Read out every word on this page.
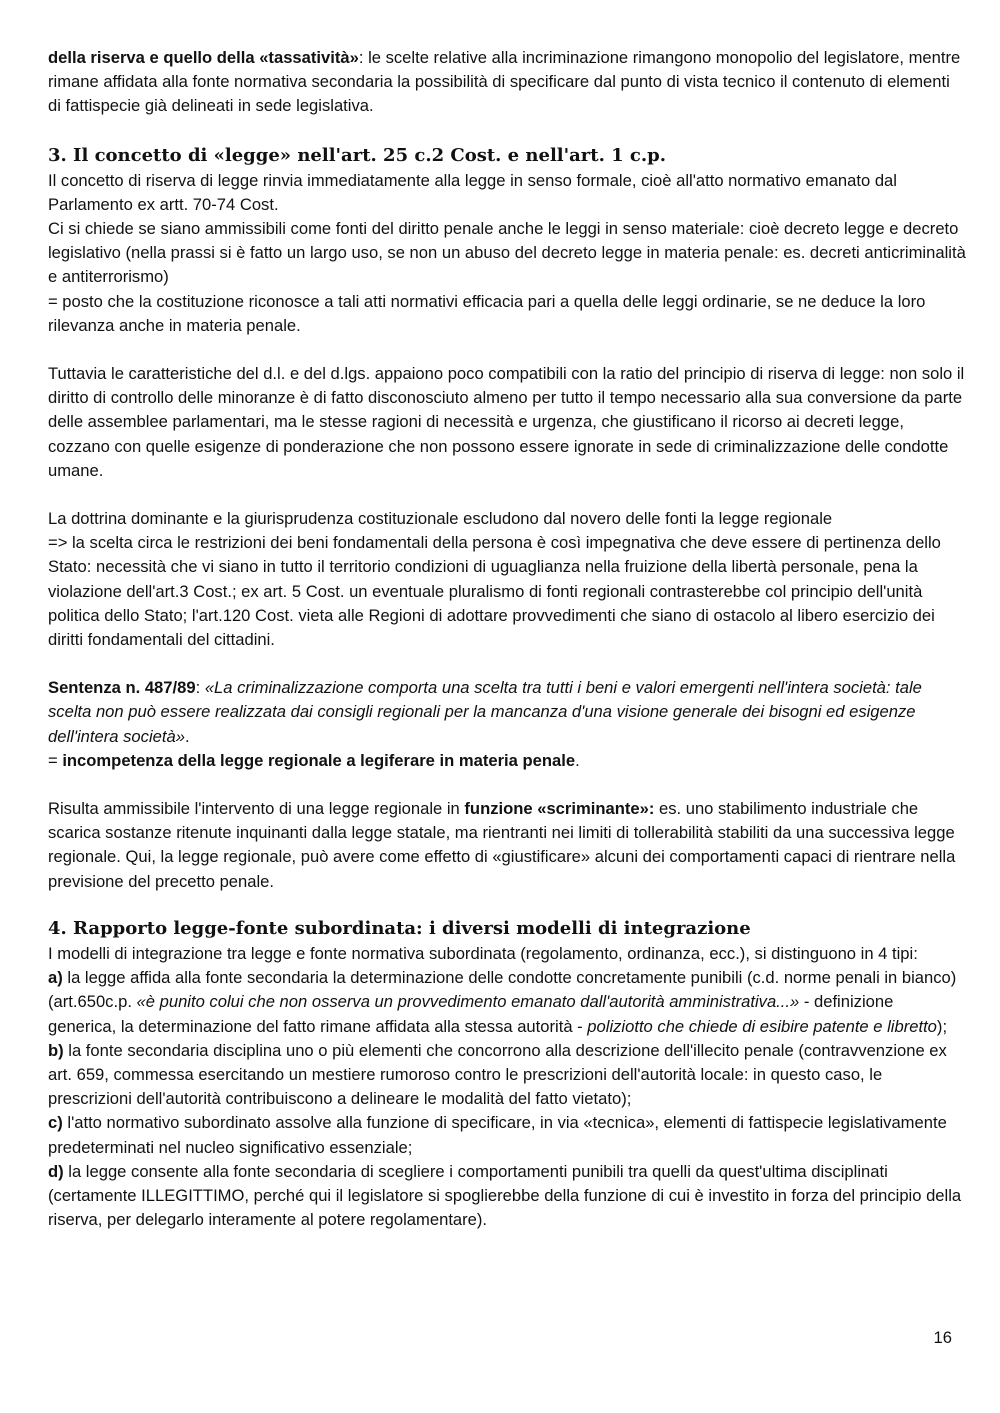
della riserva e quello della «tassatività»: le scelte relative alla incriminazione rimangono monopolio del legislatore, mentre rimane affidata alla fonte normativa secondaria la possibilità di specificare dal punto di vista tecnico il contenuto di elementi di fattispecie già delineati in sede legislativa.

3. Il concetto di «legge» nell'art. 25 c.2 Cost. e nell'art. 1 c.p.

Il concetto di riserva di legge rinvia immediatamente alla legge in senso formale, cioè all'atto normativo emanato dal Parlamento ex artt. 70-74 Cost.

Ci si chiede se siano ammissibili come fonti del diritto penale anche le leggi in senso materiale: cioè decreto legge e decreto legislativo (nella prassi si è fatto un largo uso, se non un abuso del decreto legge in materia penale: es. decreti anticriminalità e antiterrorismo)

= posto che la costituzione riconosce a tali atti normativi efficacia pari a quella delle leggi ordinarie, se ne deduce la loro rilevanza anche in materia penale.

Tuttavia le caratteristiche del d.l. e del d.lgs. appaiono poco compatibili con la ratio del principio di riserva di legge: non solo il diritto di controllo delle minoranze è di fatto disconosciuto almeno per tutto il tempo necessario alla sua conversione da parte delle assemblee parlamentari, ma le stesse ragioni di necessità e urgenza, che giustificano il ricorso ai decreti legge, cozzano con quelle esigenze di ponderazione che non possono essere ignorate in sede di criminalizzazione delle condotte umane.

La dottrina dominante e la giurisprudenza costituzionale escludono dal novero delle fonti la legge regionale

=> la scelta circa le restrizioni dei beni fondamentali della persona è così impegnativa che deve essere di pertinenza dello Stato: necessità che vi siano in tutto il territorio condizioni di uguaglianza nella fruizione della libertà personale, pena la violazione dell'art.3 Cost.; ex art. 5 Cost. un eventuale pluralismo di fonti regionali contrasterebbe col principio dell'unità politica dello Stato; l'art.120 Cost. vieta alle Regioni di adottare provvedimenti che siano di ostacolo al libero esercizio dei diritti fondamentali del cittadini.

Sentenza n. 487/89: «La criminalizzazione comporta una scelta tra tutti i beni e valori emergenti nell'intera società: tale scelta non può essere realizzata dai consigli regionali per la mancanza d'una visione generale dei bisogni ed esigenze dell'intera società».

= incompetenza della legge regionale a legiferare in materia penale.

Risulta ammissibile l'intervento di una legge regionale in funzione «scriminante»: es. uno stabilimento industriale che scarica sostanze ritenute inquinanti dalla legge statale, ma rientranti nei limiti di tollerabilità stabiliti da una successiva legge regionale. Qui, la legge regionale, può avere come effetto di «giustificare» alcuni dei comportamenti capaci di rientrare nella previsione del precetto penale.

4. Rapporto legge-fonte subordinata: i diversi modelli di integrazione

I modelli di integrazione tra legge e fonte normativa subordinata (regolamento, ordinanza, ecc.), si distinguono in 4 tipi:

a) la legge affida alla fonte secondaria la determinazione delle condotte concretamente punibili (c.d. norme penali in bianco) (art.650c.p. «è punito colui che non osserva un provvedimento emanato dall'autorità amministrativa...» - definizione generica, la determinazione del fatto rimane affidata alla stessa autorità - poliziotto che chiede di esibire patente e libretto);

b) la fonte secondaria disciplina uno o più elementi che concorrono alla descrizione dell'illecito penale (contravvenzione ex art. 659, commessa esercitando un mestiere rumoroso contro le prescrizioni dell'autorità locale: in questo caso, le prescrizioni dell'autorità contribuiscono a delineare le modalità del fatto vietato);

c) l'atto normativo subordinato assolve alla funzione di specificare, in via «tecnica», elementi di fattispecie legislativamente predeterminati nel nucleo significativo essenziale;

d) la legge consente alla fonte secondaria di scegliere i comportamenti punibili tra quelli da quest'ultima disciplinati (certamente ILLEGITTIMO, perché qui il legislatore si spoglierebbe della funzione di cui è investito in forza del principio della riserva, per delegarlo interamente al potere regolamentare).

16
